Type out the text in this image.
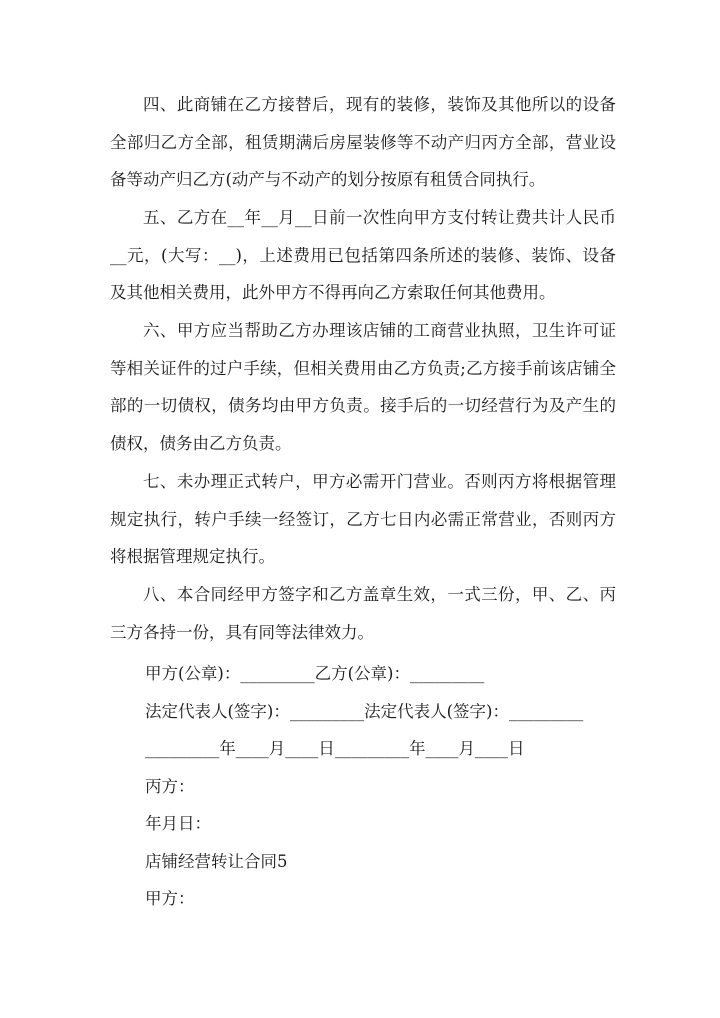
四、此商铺在乙方接替后，现有的装修，装饰及其他所以的设备全部归乙方全部，租赁期满后房屋装修等不动产归丙方全部，营业设备等动产归乙方(动产与不动产的划分按原有租赁合同执行。

五、乙方在__年__月__日前一次性向甲方支付转让费共计人民币__元，(大写：__)，上述费用已包括第四条所述的装修、装饰、设备及其他相关费用，此外甲方不得再向乙方索取任何其他费用。

六、甲方应当帮助乙方办理该店铺的工商营业执照，卫生许可证等相关证件的过户手续，但相关费用由乙方负责;乙方接手前该店铺全部的一切债权，债务均由甲方负责。接手后的一切经营行为及产生的债权，债务由乙方负责。

七、未办理正式转户，甲方必需开门营业。否则丙方将根据管理规定执行，转户手续一经签订，乙方七日内必需正常营业，否则丙方将根据管理规定执行。

八、本合同经甲方签字和乙方盖章生效，一式三份，甲、乙、丙三方各持一份，具有同等法律效力。

甲方(公章)：_________乙方(公章)：_________

法定代表人(签字)：_________法定代表人(签字)：_________

_________年____月____日_________年____月____日

丙方：

年月日：

店铺经营转让合同5

甲方：
